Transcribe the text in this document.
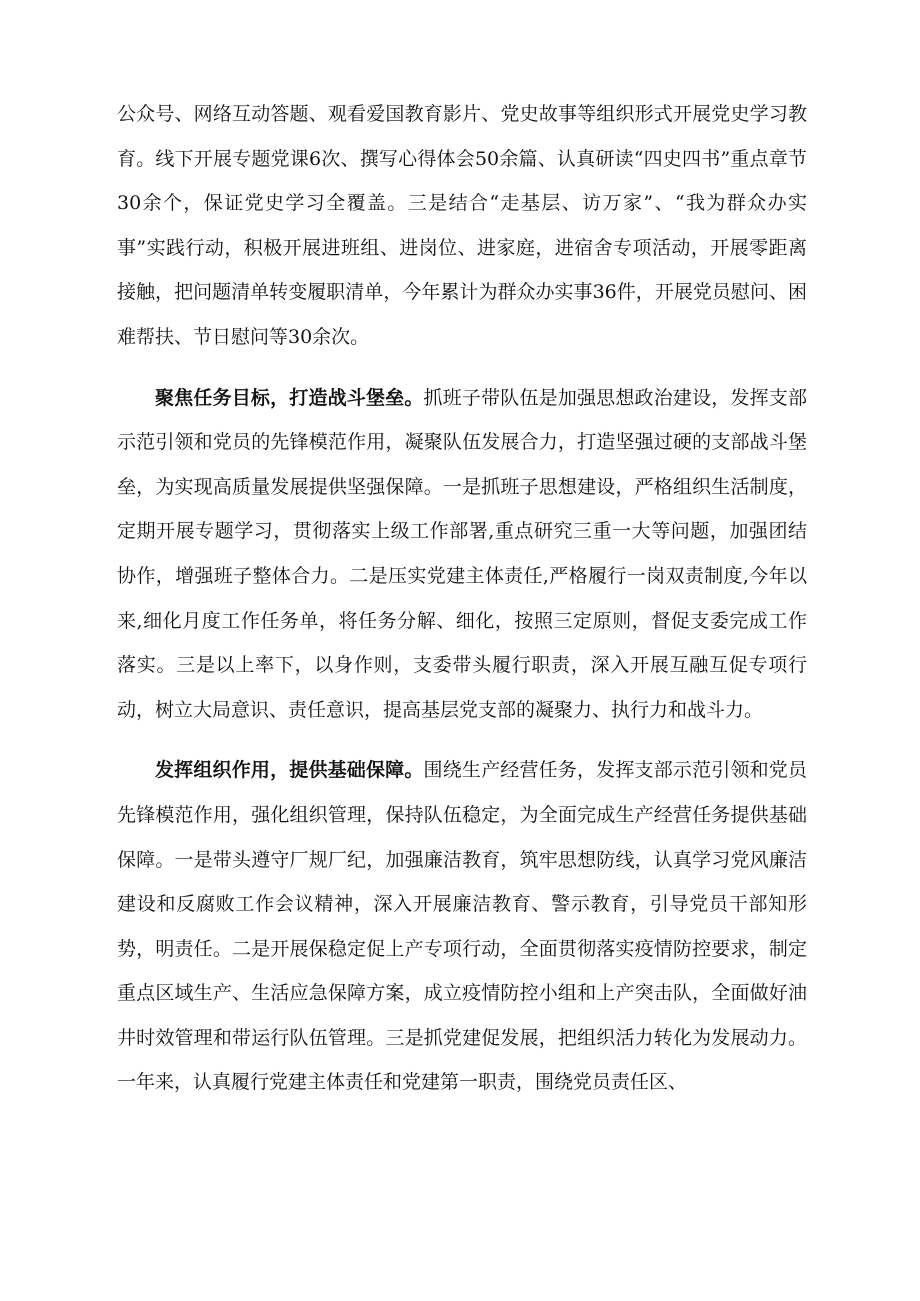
公众号、网络互动答题、观看爱国教育影片、党史故事等组织形式开展党史学习教育。线下开展专题党课6次、撰写心得体会50余篇、认真研读“四史四书”重点章节30余个，保证党史学习全覆盖。三是结合“走基层、访万家”、“我为群众办实事”实践行动，积极开展进班组、进岗位、进家庭，进宿舍专项活动，开展零距离接触，把问题清单转变履职清单，今年累计为群众办实事36件，开展党员慰问、困难帮扶、节日慰问等30余次。

聚焦任务目标，打造战斗堡垒。抓班子带队伍是加强思想政治建设，发挥支部示范引领和党员的先锋模范作用，凝聚队伍发展合力，打造坚强过硬的支部战斗堡垒，为实现高质量发展提供坚强保障。一是抓班子思想建设，严格组织生活制度，定期开展专题学习，贯彻落实上级工作部署,重点研究三重一大等问题，加强团结协作，增强班子整体合力。二是压实党建主体责任,严格履行一岗双责制度,今年以来,细化月度工作任务单，将任务分解、细化，按照三定原则，督促支委完成工作落实。三是以上率下，以身作则，支委带头履行职责，深入开展互融互促专项行动，树立大局意识、责任意识，提高基层党支部的凝聚力、执行力和战斗力。

发挥组织作用，提供基础保障。围绕生产经营任务，发挥支部示范引领和党员先锋模范作用，强化组织管理，保持队伍稳定，为全面完成生产经营任务提供基础保障。一是带头遵守厂规厂纪，加强廉洁教育，筑牢思想防线，认真学习党风廉洁建设和反腐败工作会议精神，深入开展廉洁教育、警示教育，引导党员干部知形势，明责任。二是开展保稳定促上产专项行动，全面贯彻落实疫情防控要求，制定重点区域生产、生活应急保障方案，成立疫情防控小组和上产突击队，全面做好油井时效管理和带运行队伍管理。三是抓党建促发展，把组织活力转化为发展动力。一年来，认真履行党建主体责任和党建第一职责，围绕党员责任区、
